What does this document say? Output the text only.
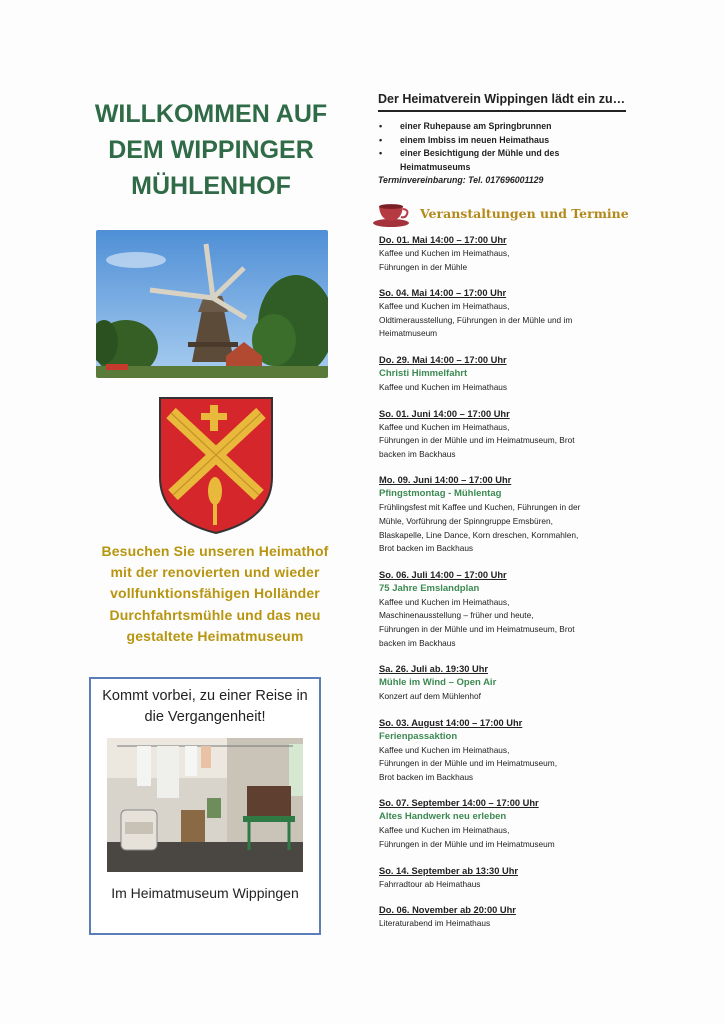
WILLKOMMEN AUF
DEM WIPPINGER
MÜHLENHOF
Besuchen Sie unseren Heimathof
mit der renovierten und wieder
vollfunktionsfähigen Holländer
Durchfahrtsmühle und das neu
gestaltete Heimatmuseum
Kommt vorbei, zu einer Reise in
die Vergangenheit!
Im Heimatmuseum Wippingen
Der Heimatverein Wippingen lädt ein zu…
• einer Ruhepause am Springbrunnen
• einem Imbiss im neuen Heimathaus
• einer Besichtigung der Mühle und des Heimatmuseums
Terminvereinbarung: Tel. 017696001129
Veranstaltungen und Termine
Do. 01. Mai 14:00 – 17:00 Uhr
Kaffee und Kuchen im Heimathaus,
Führungen in der Mühle
So. 04. Mai 14:00 – 17:00 Uhr
Kaffee und Kuchen im Heimathaus,
Oldtimerausstellung, Führungen in der Mühle und im
Heimatmuseum
Do. 29. Mai 14:00 – 17:00 Uhr
Christi Himmelfahrt
Kaffee und Kuchen im Heimathaus
So. 01. Juni 14:00 – 17:00 Uhr
Kaffee und Kuchen im Heimathaus,
Führungen in der Mühle und im Heimatmuseum, Brot
backen im Backhaus
Mo. 09. Juni 14:00 – 17:00 Uhr
Pfingstmontag - Mühlentag
Frühlingsfest mit Kaffee und Kuchen, Führungen in der
Mühle, Vorführung der Spinngruppe Emsbüren,
Blaskapelle, Line Dance, Korn dreschen, Kornmahlen,
Brot backen im Backhaus
So. 06. Juli 14:00 – 17:00 Uhr
75 Jahre Emslandplan
Kaffee und Kuchen im Heimathaus,
Maschinenausstellung – früher und heute,
Führungen in der Mühle und im Heimatmuseum, Brot
backen im Backhaus
Sa. 26. Juli ab. 19:30 Uhr
Mühle im Wind – Open Air
Konzert auf dem Mühlenhof
So. 03. August 14:00 – 17:00 Uhr
Ferienpassaktion
Kaffee und Kuchen im Heimathaus,
Führungen in der Mühle und im Heimatmuseum,
Brot backen im Backhaus
So. 07. September 14:00 – 17:00 Uhr
Altes Handwerk neu erleben
Kaffee und Kuchen im Heimathaus,
Führungen in der Mühle und im Heimatmuseum
So. 14. September ab 13:30 Uhr
Fahrradtour ab Heimathaus
Do. 06. November ab 20:00 Uhr
Literaturabend im Heimathaus
